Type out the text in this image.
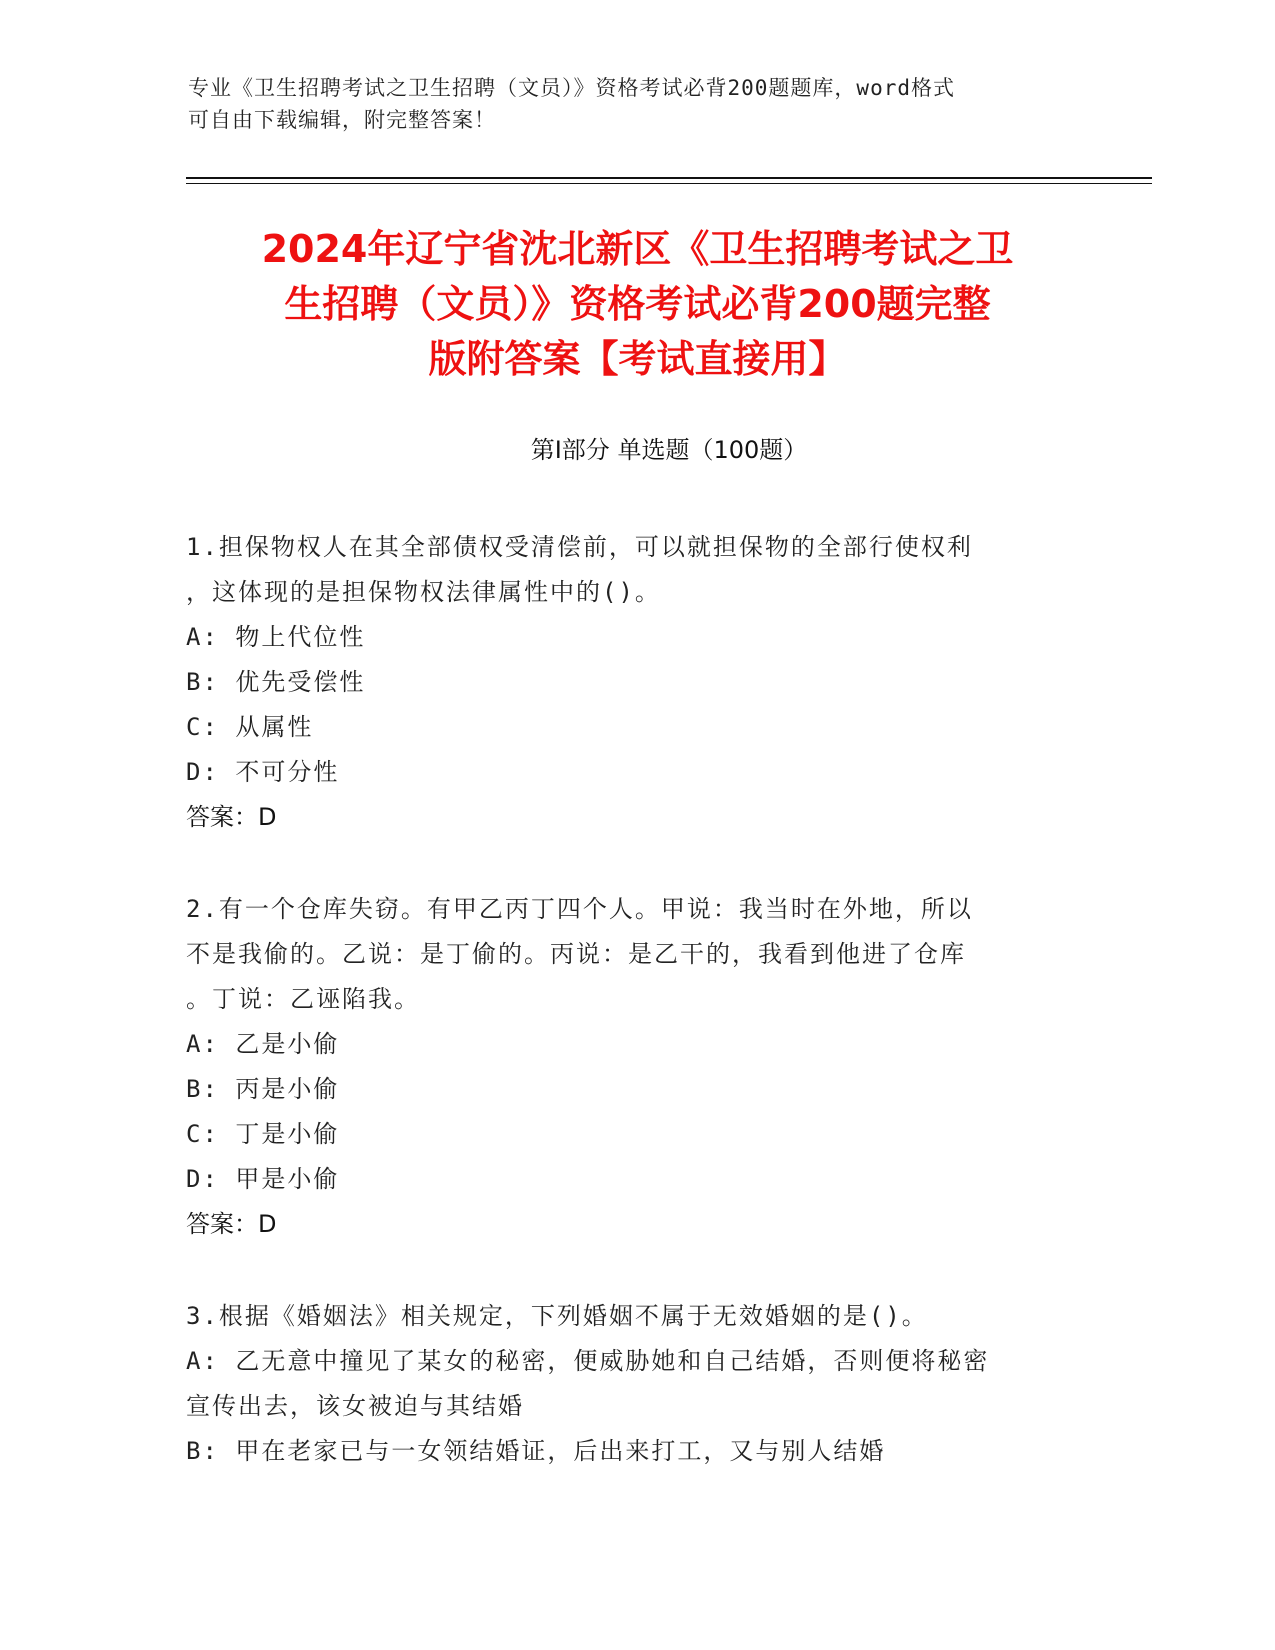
专业《卫生招聘考试之卫生招聘（文员）》资格考试必背200题题库，word格式
可自由下载编辑，附完整答案！
2024年辽宁省沈北新区《卫生招聘考试之卫
生招聘（文员）》资格考试必背200题完整
版附答案【考试直接用】
第Ⅰ部分 单选题（100题）
1.担保物权人在其全部债权受清偿前，可以就担保物的全部行使权利
，这体现的是担保物权法律属性中的()。
A: 物上代位性
B: 优先受偿性
C: 从属性
D: 不可分性
答案：D
2.有一个仓库失窃。有甲乙丙丁四个人。甲说：我当时在外地，所以
不是我偷的。乙说：是丁偷的。丙说：是乙干的，我看到他进了仓库
。丁说：乙诬陷我。
A: 乙是小偷
B: 丙是小偷
C: 丁是小偷
D: 甲是小偷
答案：D
3.根据《婚姻法》相关规定，下列婚姻不属于无效婚姻的是()。
A: 乙无意中撞见了某女的秘密，便威胁她和自己结婚，否则便将秘密
宣传出去，该女被迫与其结婚
B: 甲在老家已与一女领结婚证，后出来打工，又与别人结婚
